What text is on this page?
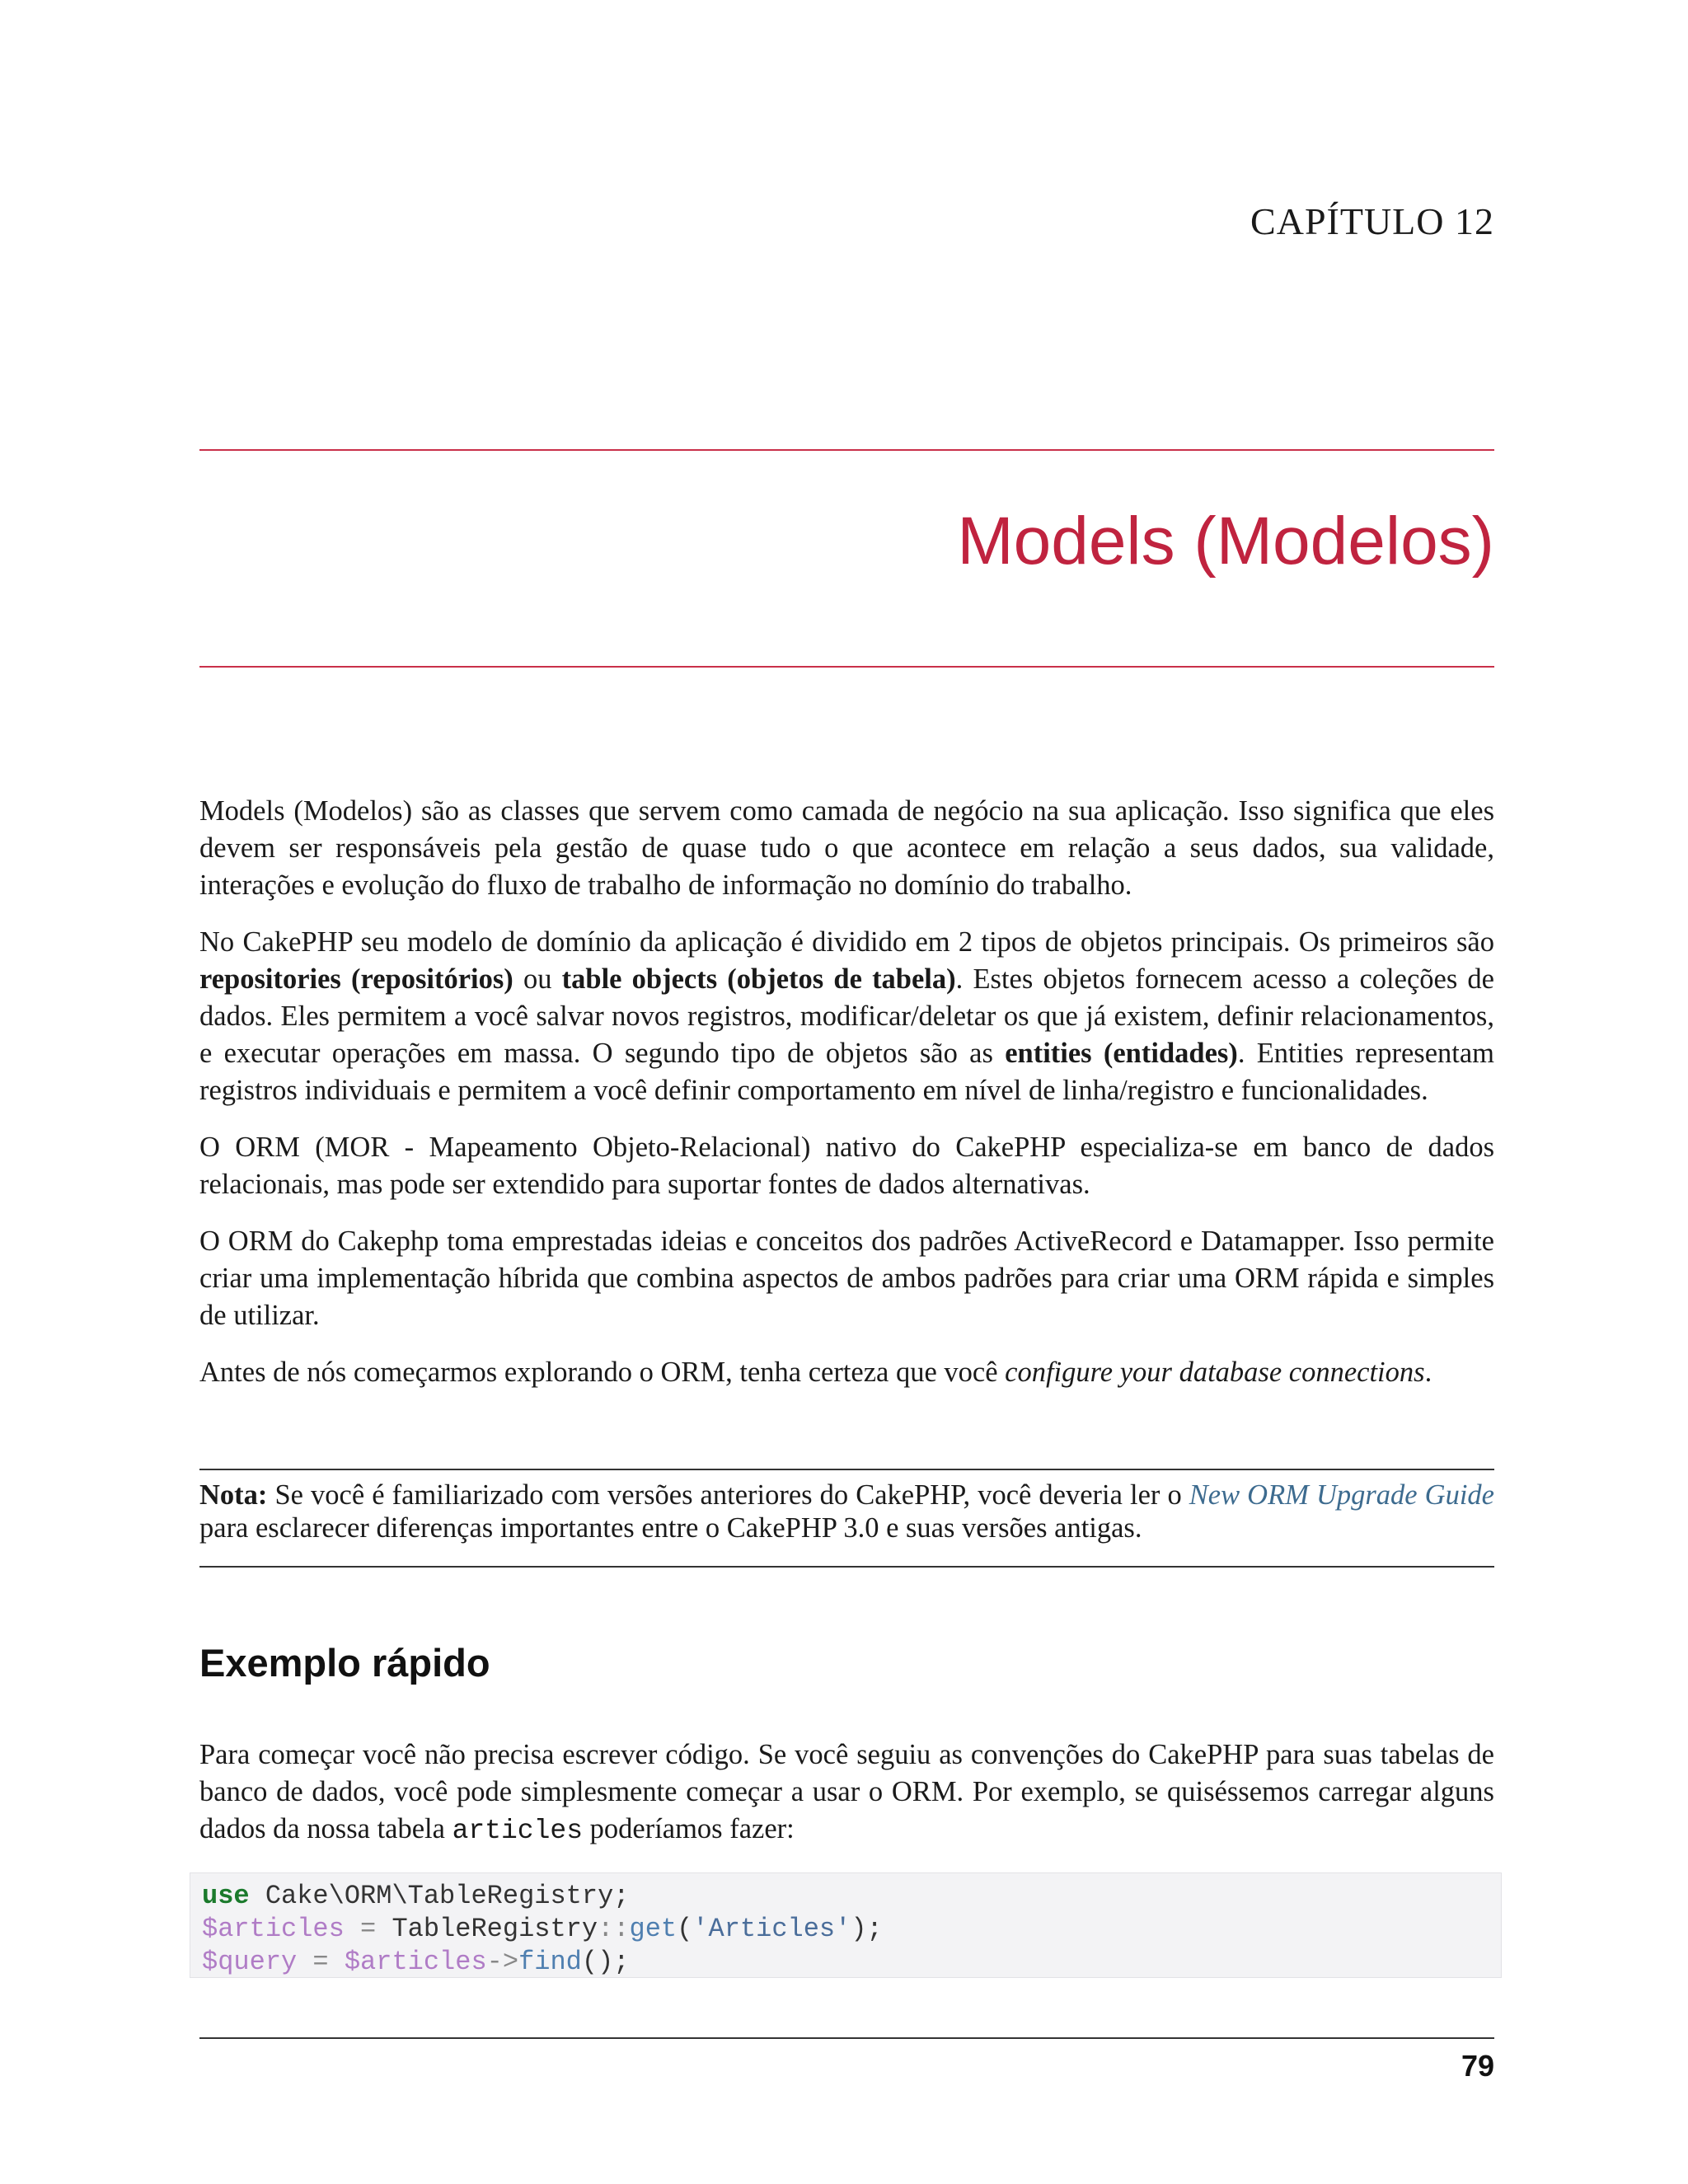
CAPÍTULO 12
Models (Modelos)

Models (Modelos) são as classes que servem como camada de negócio na sua aplicação. Isso significa que eles devem ser responsáveis pela gestão de quase tudo o que acontece em relação a seus dados, sua validade, interações e evolução do fluxo de trabalho de informação no domínio do trabalho.

No CakePHP seu modelo de domínio da aplicação é dividido em 2 tipos de objetos principais. Os primeiros são repositories (repositórios) ou table objects (objetos de tabela). Estes objetos fornecem acesso a coleções de dados. Eles permitem a você salvar novos registros, modificar/deletar os que já existem, definir relacionamentos, e executar operações em massa. O segundo tipo de objetos são as entities (entidades). Entities representam registros individuais e permitem a você definir comportamento em nível de linha/registro e funcionalidades.

O ORM (MOR - Mapeamento Objeto-Relacional) nativo do CakePHP especializa-se em banco de dados relacionais, mas pode ser extendido para suportar fontes de dados alternativas.

O ORM do Cakephp toma emprestadas ideias e conceitos dos padrões ActiveRecord e Datamapper. Isso permite criar uma implementação híbrida que combina aspectos de ambos padrões para criar uma ORM rápida e simples de utilizar.

Antes de nós começarmos explorando o ORM, tenha certeza que você configure your database connections.

Nota: Se você é familiarizado com versões anteriores do CakePHP, você deveria ler o New ORM Upgrade Guide para esclarecer diferenças importantes entre o CakePHP 3.0 e suas versões antigas.

Exemplo rápido

Para começar você não precisa escrever código. Se você seguiu as convenções do CakePHP para suas tabelas de banco de dados, você pode simplesmente começar a usar o ORM. Por exemplo, se quiséssemos carregar alguns dados da nossa tabela articles poderíamos fazer:

use Cake\ORM\TableRegistry;
$articles = TableRegistry::get('Articles');
$query = $articles->find();
79
